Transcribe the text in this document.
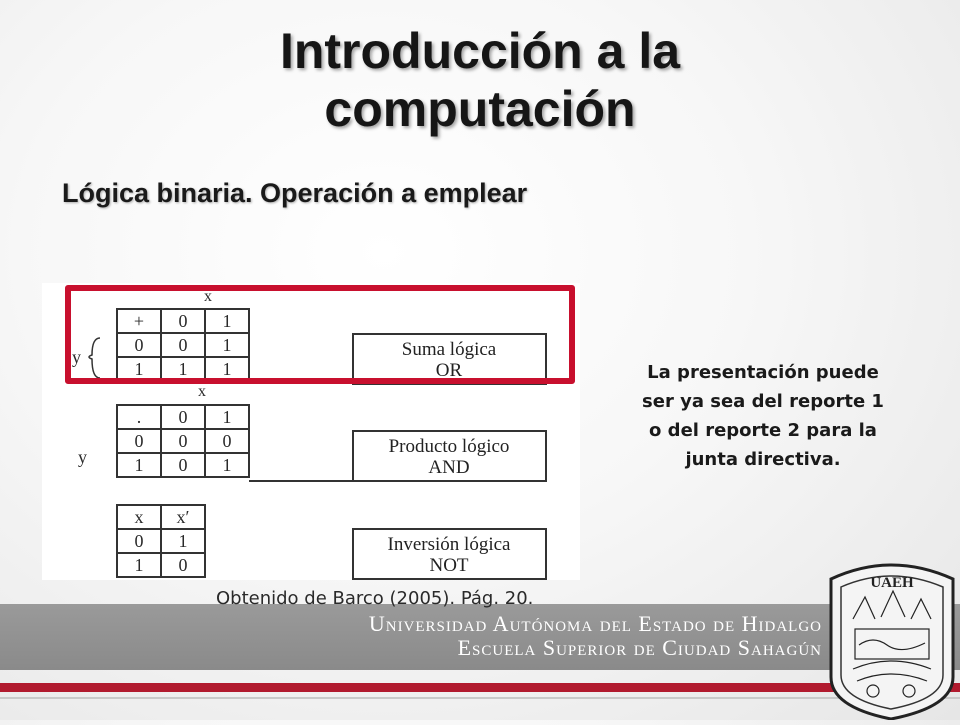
Introducción a la
computación
Lógica binaria. Operación a emplear
x
y
+ 0 1
0 0 1
1 1 1
Suma lógica
OR
x
y
. 0 1
0 0 0
1 0 1
Producto lógico
AND
x x′
0 1
1 0
Inversión lógica
NOT
La presentación puede
ser ya sea del reporte 1
o del reporte 2 para la
junta directiva.
Obtenido de Barco (2005). Pág. 20.
Universidad Autónoma del Estado de Hidalgo
Escuela Superior de Ciudad Sahagún
UAEH
